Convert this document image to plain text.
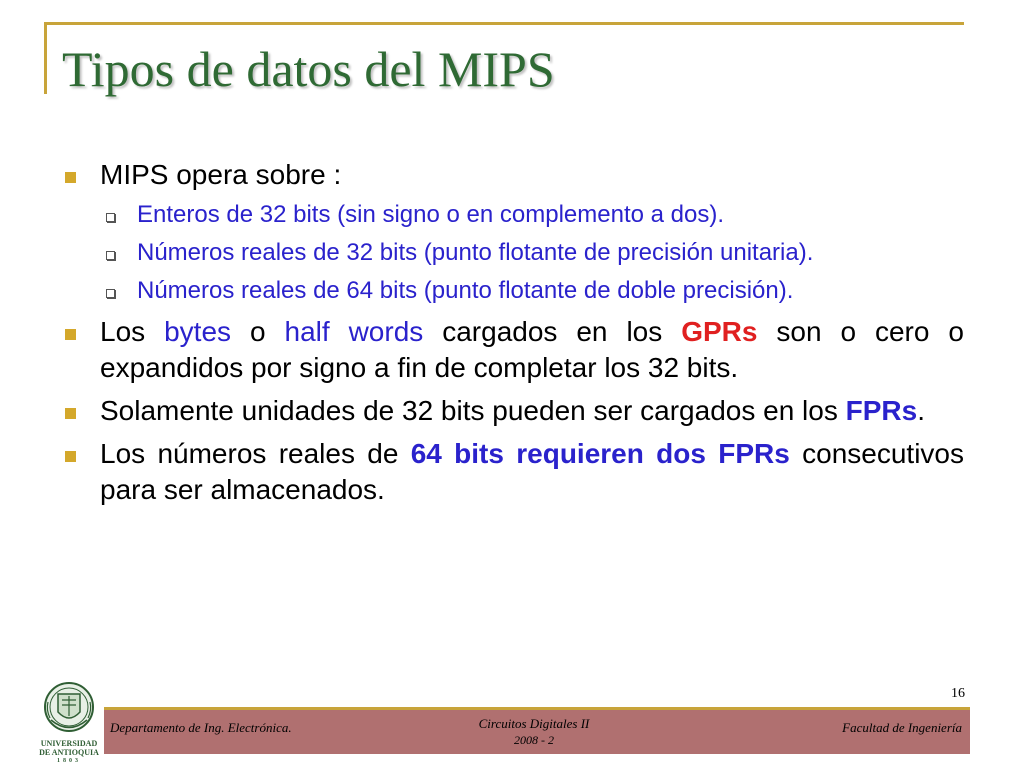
Tipos de datos del MIPS
MIPS opera sobre :
Enteros de 32 bits (sin signo o en complemento a dos).
Números reales de 32 bits (punto flotante de precisión unitaria).
Números reales de 64 bits (punto flotante de doble precisión).
Los bytes o half words cargados en los GPRs son o cero o expandidos por signo a fin de completar los 32 bits.
Solamente unidades de 32 bits pueden ser cargados en los FPRs.
Los números reales de 64 bits requieren dos FPRs consecutivos para ser almacenados.
16
UNIVERSIDAD
DE ANTIOQUIA
1803
Departamento de Ing. Electrónica.	Circuitos Digitales II
2008 - 2
Facultad de Ingeniería
